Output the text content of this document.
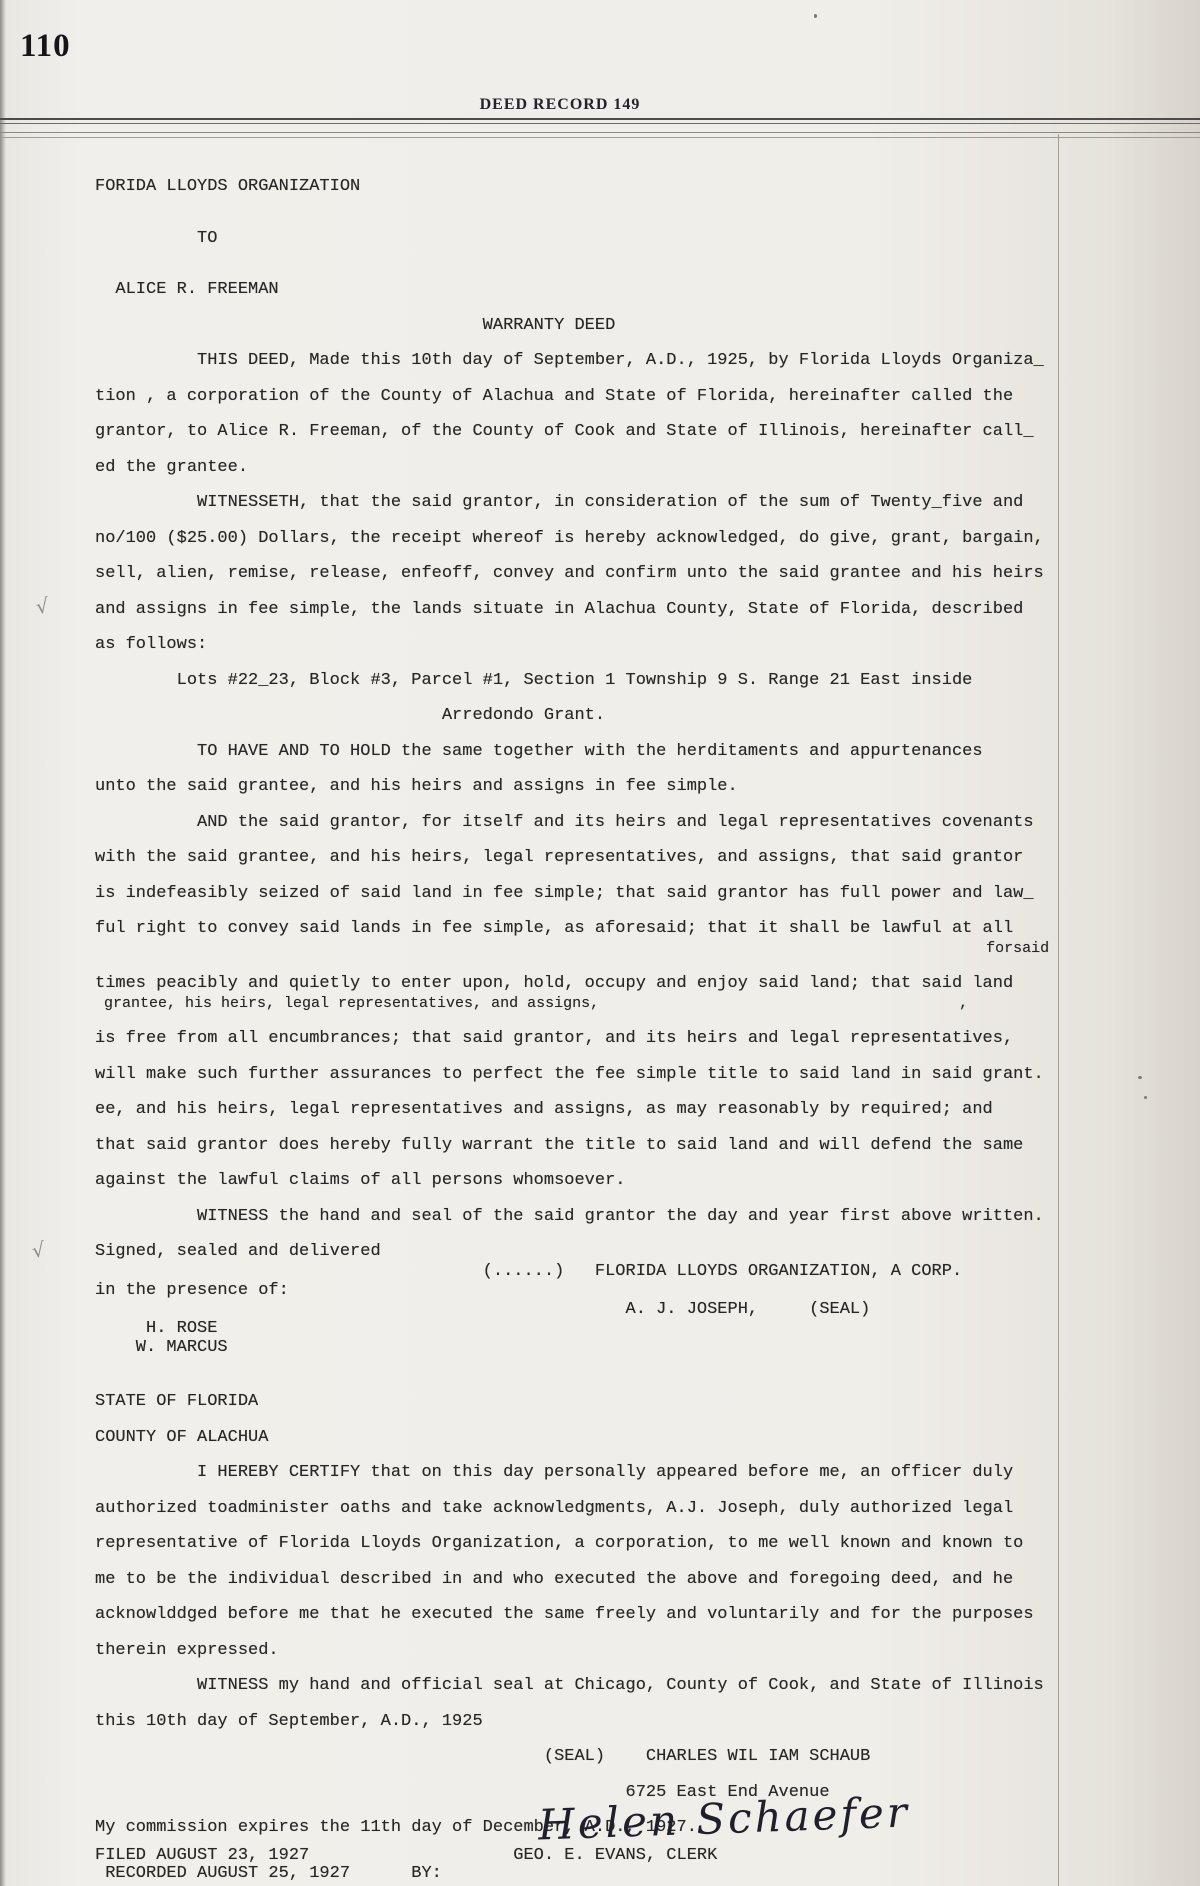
110
DEED RECORD 149
√
√
FORIDA LLOYDS ORGANIZATION
TO
ALICE R. FREEMAN
WARRANTY DEED
THIS DEED, Made this 10th day of September, A.D., 1925, by Florida Lloyds Organiza_
tion , a corporation of the County of Alachua and State of Florida, hereinafter called the
grantor, to Alice R. Freeman, of the County of Cook and State of Illinois, hereinafter call_
ed the grantee.
WITNESSETH, that the said grantor, in consideration of the sum of Twenty_five and
no/100 ($25.00) Dollars, the receipt whereof is hereby acknowledged, do give, grant, bargain,
sell, alien, remise, release, enfeoff, convey and confirm unto the said grantee and his heirs
and assigns in fee simple, the lands situate in Alachua County, State of Florida, described
as follows:
Lots #22_23, Block #3, Parcel #1, Section 1 Township 9 S. Range 21 East inside
Arredondo Grant.
TO HAVE AND TO HOLD the same together with the herditaments and appurtenances
unto the said grantee, and his heirs and assigns in fee simple.
AND the said grantor, for itself and its heirs and legal representatives covenants
with the said grantee, and his heirs, legal representatives, and assigns, that said grantor
is indefeasibly seized of said land in fee simple; that said grantor has full power and law_
ful right to convey said lands in fee simple, as aforesaid; that it shall be lawful at all
forsaid
times peacibly and quietly to enter upon, hold, occupy and enjoy said land; that said land
grantee, his heirs, legal representatives, and assigns,                                        ,
is free from all encumbrances; that said grantor, and its heirs and legal representatives,
will make such further assurances to perfect the fee simple title to said land in said grant.
ee, and his heirs, legal representatives and assigns, as may reasonably by required; and
that said grantor does hereby fully warrant the title to said land and will defend the same
against the lawful claims of all persons whomsoever.
WITNESS the hand and seal of the said grantor the day and year first above written.
Signed, sealed and delivered
(......)   FLORIDA LLOYDS ORGANIZATION, A CORP.
in the presence of:
A. J. JOSEPH,     (SEAL)
H. ROSE
W. MARCUS

STATE OF FLORIDA
COUNTY OF ALACHUA
I HEREBY CERTIFY that on this day personally appeared before me, an officer duly
authorized toadminister oaths and take acknowledgments, A.J. Joseph, duly authorized legal
representative of Florida Lloyds Organization, a corporation, to me well known and known to
me to be the individual described in and who executed the above and foregoing deed, and he
acknowlddged before me that he executed the same freely and voluntarily and for the purposes
therein expressed.
WITNESS my hand and official seal at Chicago, County of Cook, and State of Illinois
this 10th day of September, A.D., 1925
(SEAL)    CHARLES WIL IAM SCHAUB
6725 East End Avenue
My commission expires the 11th day of December, A.D., 1927.
FILED AUGUST 23, 1927                    GEO. E. EVANS, CLERK
RECORDED AUGUST 25, 1927      BY:
Helen Schaefer
